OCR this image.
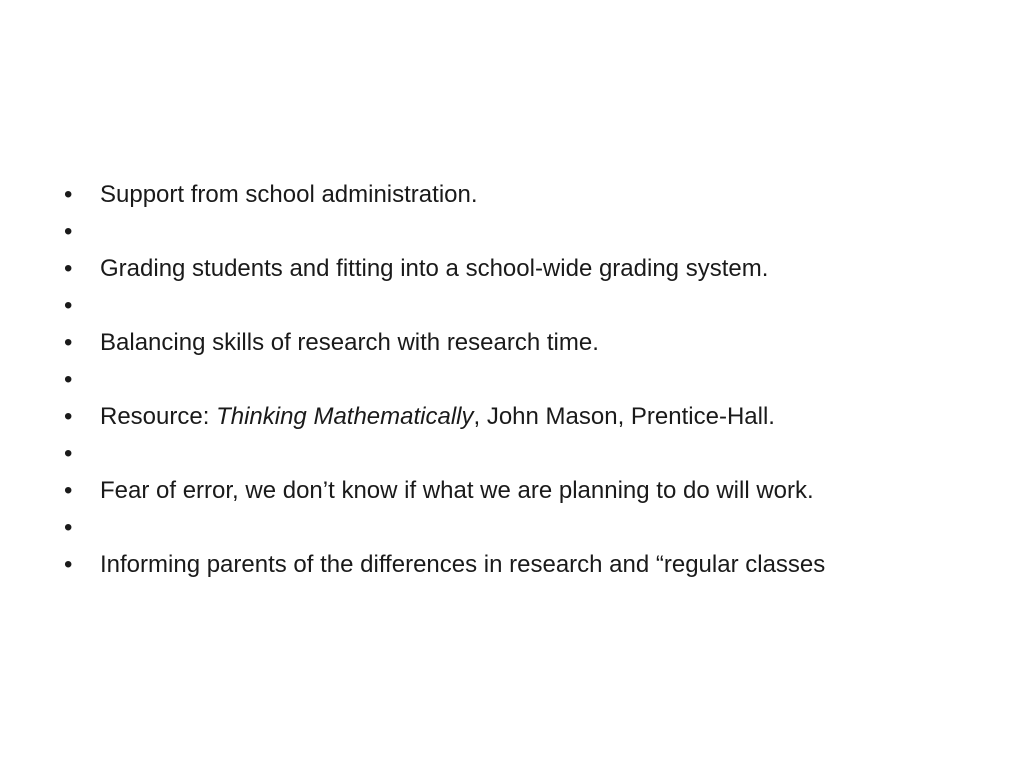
• Support from school administration.
•
• Grading students and fitting into a school-wide grading system.
•
• Balancing skills of research with research time.
•
• Resource: Thinking Mathematically, John Mason, Prentice-Hall.
•
• Fear of error, we don’t know if what we are planning to do will work.
•
• Informing parents of the differences in research and “regular classes
